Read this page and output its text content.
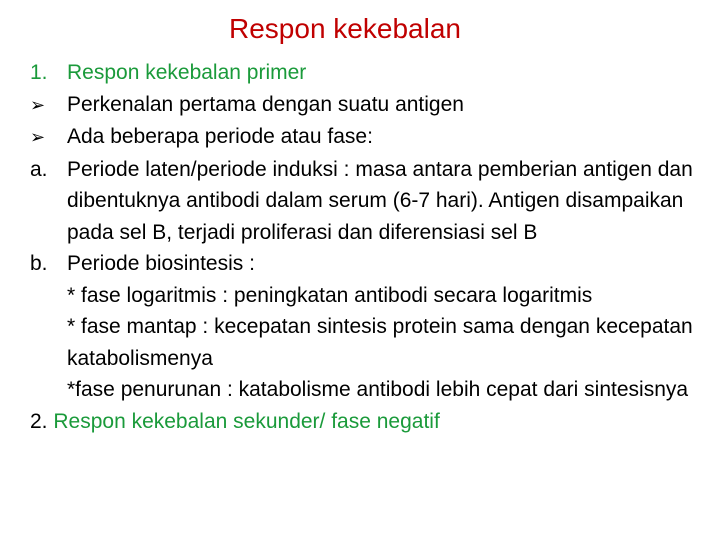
Respon kekebalan
1. Respon kekebalan primer
➢	Perkenalan pertama dengan suatu antigen
➢	Ada beberapa periode atau fase:
a. Periode laten/periode induksi : masa antara pemberian antigen dan dibentuknya antibodi dalam serum (6-7 hari). Antigen disampaikan pada sel B, terjadi proliferasi dan diferensiasi sel B
b. Periode biosintesis :
* fase logaritmis : peningkatan antibodi secara logaritmis
* fase mantap : kecepatan sintesis protein sama dengan kecepatan katabolismenya
*fase penurunan : katabolisme antibodi lebih cepat dari sintesisnya
2. Respon kekebalan sekunder/ fase negatif
